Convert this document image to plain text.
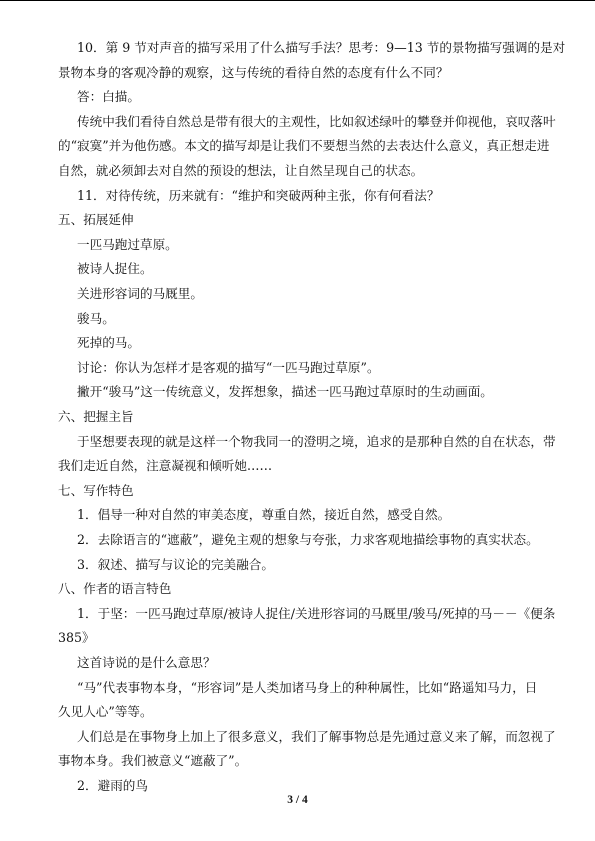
10．第 9 节对声音的描写采用了什么描写手法？思考：9—13 节的景物描写强调的是对
景物本身的客观冷静的观察，这与传统的看待自然的态度有什么不同？
答：白描。
传统中我们看待自然总是带有很大的主观性，比如叙述绿叶的攀登并仰视他，哀叹落叶
的“寂寞”并为他伤感。本文的描写却是让我们不要想当然的去表达什么意义，真正想走进
自然，就必须卸去对自然的预设的想法，让自然呈现自己的状态。
11．对待传统，历来就有：“维护和突破两种主张，你有何看法？
五、拓展延伸
一匹马跑过草原。
被诗人捉住。
关进形容词的马厩里。
骏马。
死掉的马。
讨论：你认为怎样才是客观的描写“一匹马跑过草原”。
撇开“骏马”这一传统意义，发挥想象，描述一匹马跑过草原时的生动画面。
六、把握主旨
于坚想要表现的就是这样一个物我同一的澄明之境，追求的是那种自然的自在状态，带
我们走近自然，注意凝视和倾听她……
七、写作特色
1．倡导一种对自然的审美态度，尊重自然，接近自然，感受自然。
2．去除语言的“遮蔽”，避免主观的想象与夸张，力求客观地描绘事物的真实状态。
3．叙述、描写与议论的完美融合。
八、作者的语言特色
1．于坚：一匹马跑过草原/被诗人捉住/关进形容词的马厩里/骏马/死掉的马－－《便条
385》
这首诗说的是什么意思？
“马”代表事物本身，“形容词”是人类加诸马身上的种种属性，比如“路遥知马力，日
久见人心”等等。
人们总是在事物身上加上了很多意义，我们了解事物总是先通过意义来了解，而忽视了
事物本身。我们被意义“遮蔽了”。
2．避雨的鸟
3 / 4
